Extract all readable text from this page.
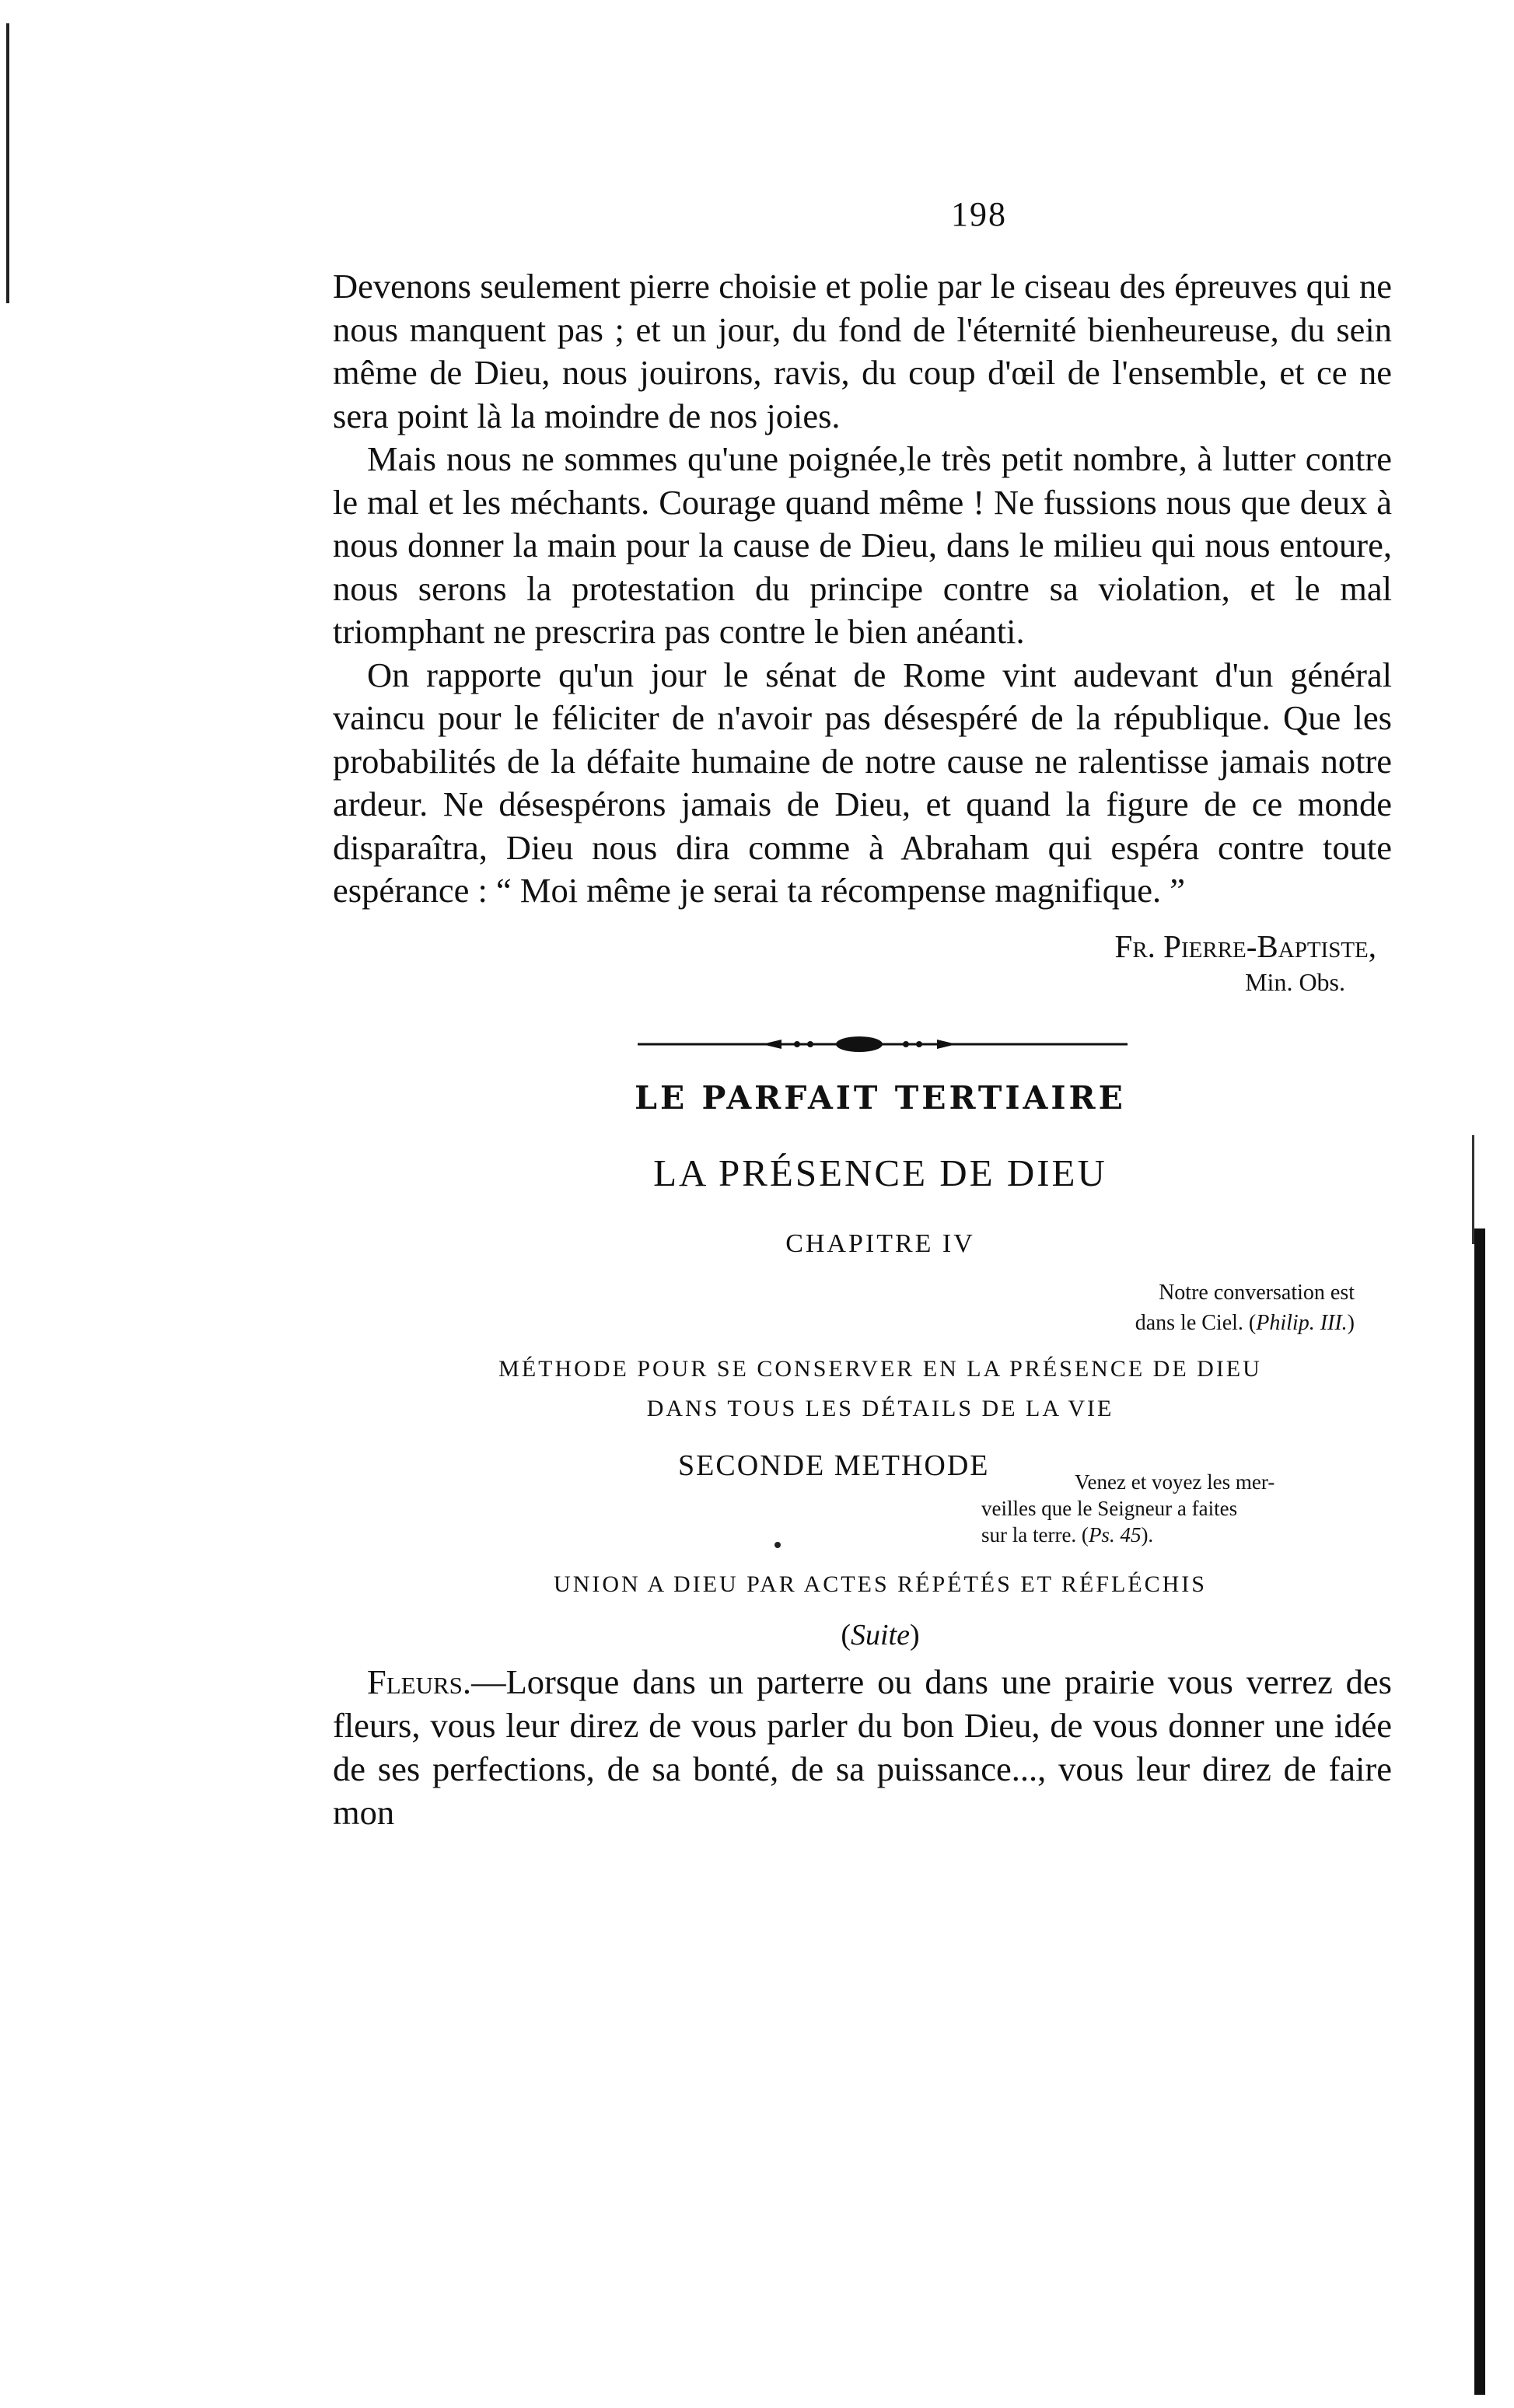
198

Devenons seulement pierre choisie et polie par le ciseau des épreuves qui ne nous manquent pas ; et un jour, du fond de l'éternité bienheureuse, du sein même de Dieu, nous jouirons, ravis, du coup d'œil de l'ensemble, et ce ne sera point là la moindre de nos joies.

Mais nous ne sommes qu'une poignée,le très petit nombre, à lutter contre le mal et les méchants. Courage quand même ! Ne fussions nous que deux à nous donner la main pour la cause de Dieu, dans le milieu qui nous entoure, nous serons la protestation du principe contre sa violation, et le mal triomphant ne prescrira pas contre le bien anéanti.

On rapporte qu'un jour le sénat de Rome vint audevant d'un général vaincu pour le féliciter de n'avoir pas désespéré de la république. Que les probabilités de la défaite humaine de notre cause ne ralentisse jamais notre ardeur. Ne désespérons jamais de Dieu, et quand la figure de ce monde disparaîtra, Dieu nous dira comme à Abraham qui espéra contre toute espérance : “ Moi même je serai ta récompense magnifique. ”

Fr. Pierre-Baptiste,
Min. Obs.
LE PARFAIT TERTIAIRE
LA PRÉSENCE DE DIEU
CHAPITRE IV
Notre conversation est
dans le Ciel. (Philip. III.)
MÉTHODE POUR SE CONSERVER EN LA PRÉSENCE DE DIEU
DANS TOUS LES DÉTAILS DE LA VIE
SECONDE METHODE	Venez et voyez les mer-
veilles que le Seigneur a faites
sur la terre. (Ps. 45).
UNION A DIEU PAR ACTES RÉPÉTÉS ET RÉFLÉCHIS
(Suite)

Fleurs.—Lorsque dans un parterre ou dans une prairie vous verrez des fleurs, vous leur direz de vous parler du bon Dieu, de vous donner une idée de ses perfections, de sa bonté, de sa puissance..., vous leur direz de faire mon
